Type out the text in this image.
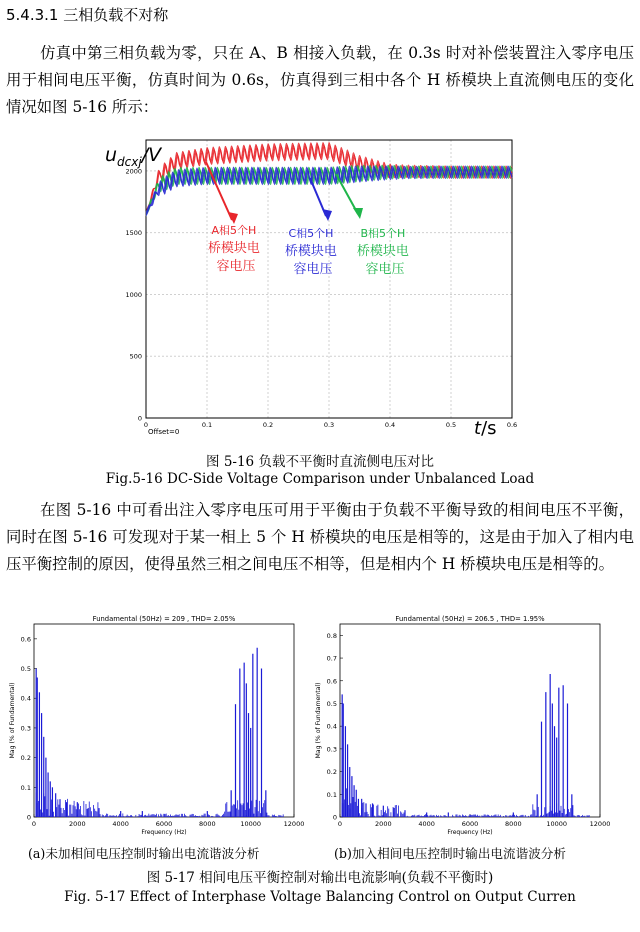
5.4.3.1 三相负载不对称
仿真中第三相负载为零，只在 A、B 相接入负载，在 0.3s 时对补偿装置注入零序电压用于相间电压平衡，仿真时间为 0.6s，仿真得到三相中各个 H 桥模块上直流侧电压的变化情况如图 5-16 所示：
0	0.1	0.2	0.3	0.4	0.5	0.6
0
500
1000
1500
2000
Offset=0
$u_{dcxj}/V$
t/s
A相5个H 桥模块电 容电压
C相5个H 桥模块电 容电压
B相5个H 桥模块电 容电压
图 5-16 负载不平衡时直流侧电压对比
Fig.5-16 DC-Side Voltage Comparison under Unbalanced Load
在图 5-16 中可看出注入零序电压可用于平衡由于负载不平衡导致的相间电压不平衡，同时在图 5-16 可发现对于某一相上 5 个 H 桥模块的电压是相等的，这是由于加入了相内电压平衡控制的原因，使得虽然三相之间电压不相等，但是相内个 H 桥模块电压是相等的。
Fundamental (50Hz) = 209 , THD= 2.05%
0	2000	4000	6000	8000	10000	12000
0
0.1
0.2
0.3
0.4
0.5
0.6
Frequency (Hz)
Mag (% of Fundamental)
Fundamental (50Hz) = 206.5 , THD= 1.95%
0	2000	4000	6000	8000	10000	12000
0
0.1
0.2
0.3
0.4
0.5
0.6
0.7
0.8
Frequency (Hz)
Mag (% of Fundamental)
(a)未加相间电压控制时输出电流谐波分析	(b)加入相间电压控制时输出电流谐波分析
图 5-17 相间电压平衡控制对输出电流影响(负载不平衡时)
Fig. 5-17 Effect of Interphase Voltage Balancing Control on Output Curren
